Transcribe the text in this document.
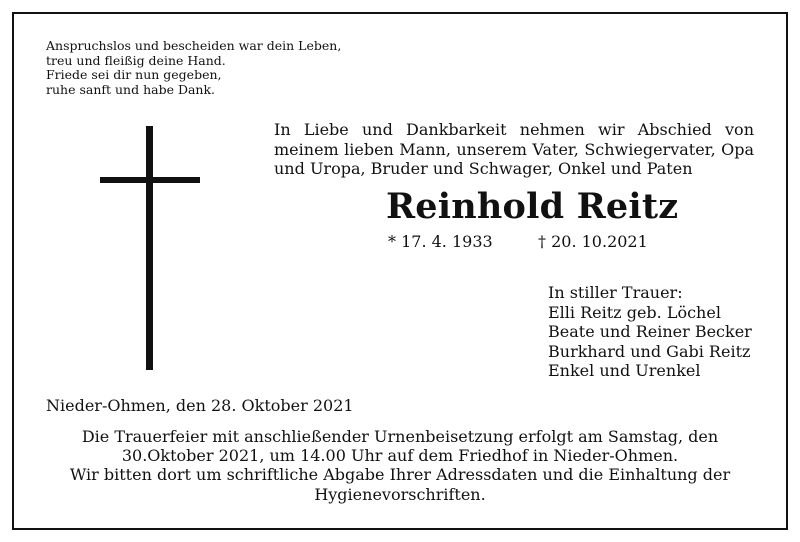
Anspruchslos und bescheiden war dein Leben,
treu und fleißig deine Hand.
Friede sei dir nun gegeben,
ruhe sanft und habe Dank.
In Liebe und Dankbarkeit nehmen wir Abschied von meinem lieben Mann, unserem Vater, Schwiegervater, Opa und Uropa, Bruder und Schwager, Onkel und Paten
Reinhold Reitz
* 17. 4. 1933	† 20. 10.2021
In stiller Trauer:
Elli Reitz geb. Löchel
Beate und Reiner Becker
Burkhard und Gabi Reitz
Enkel und Urenkel
Nieder-Ohmen, den 28. Oktober 2021
Die Trauerfeier mit anschließender Urnenbeisetzung erfolgt am Samstag, den 30.Oktober 2021, um 14.00 Uhr auf dem Friedhof in Nieder-Ohmen.
Wir bitten dort um schriftliche Abgabe Ihrer Adressdaten und die Einhaltung der Hygienevorschriften.
